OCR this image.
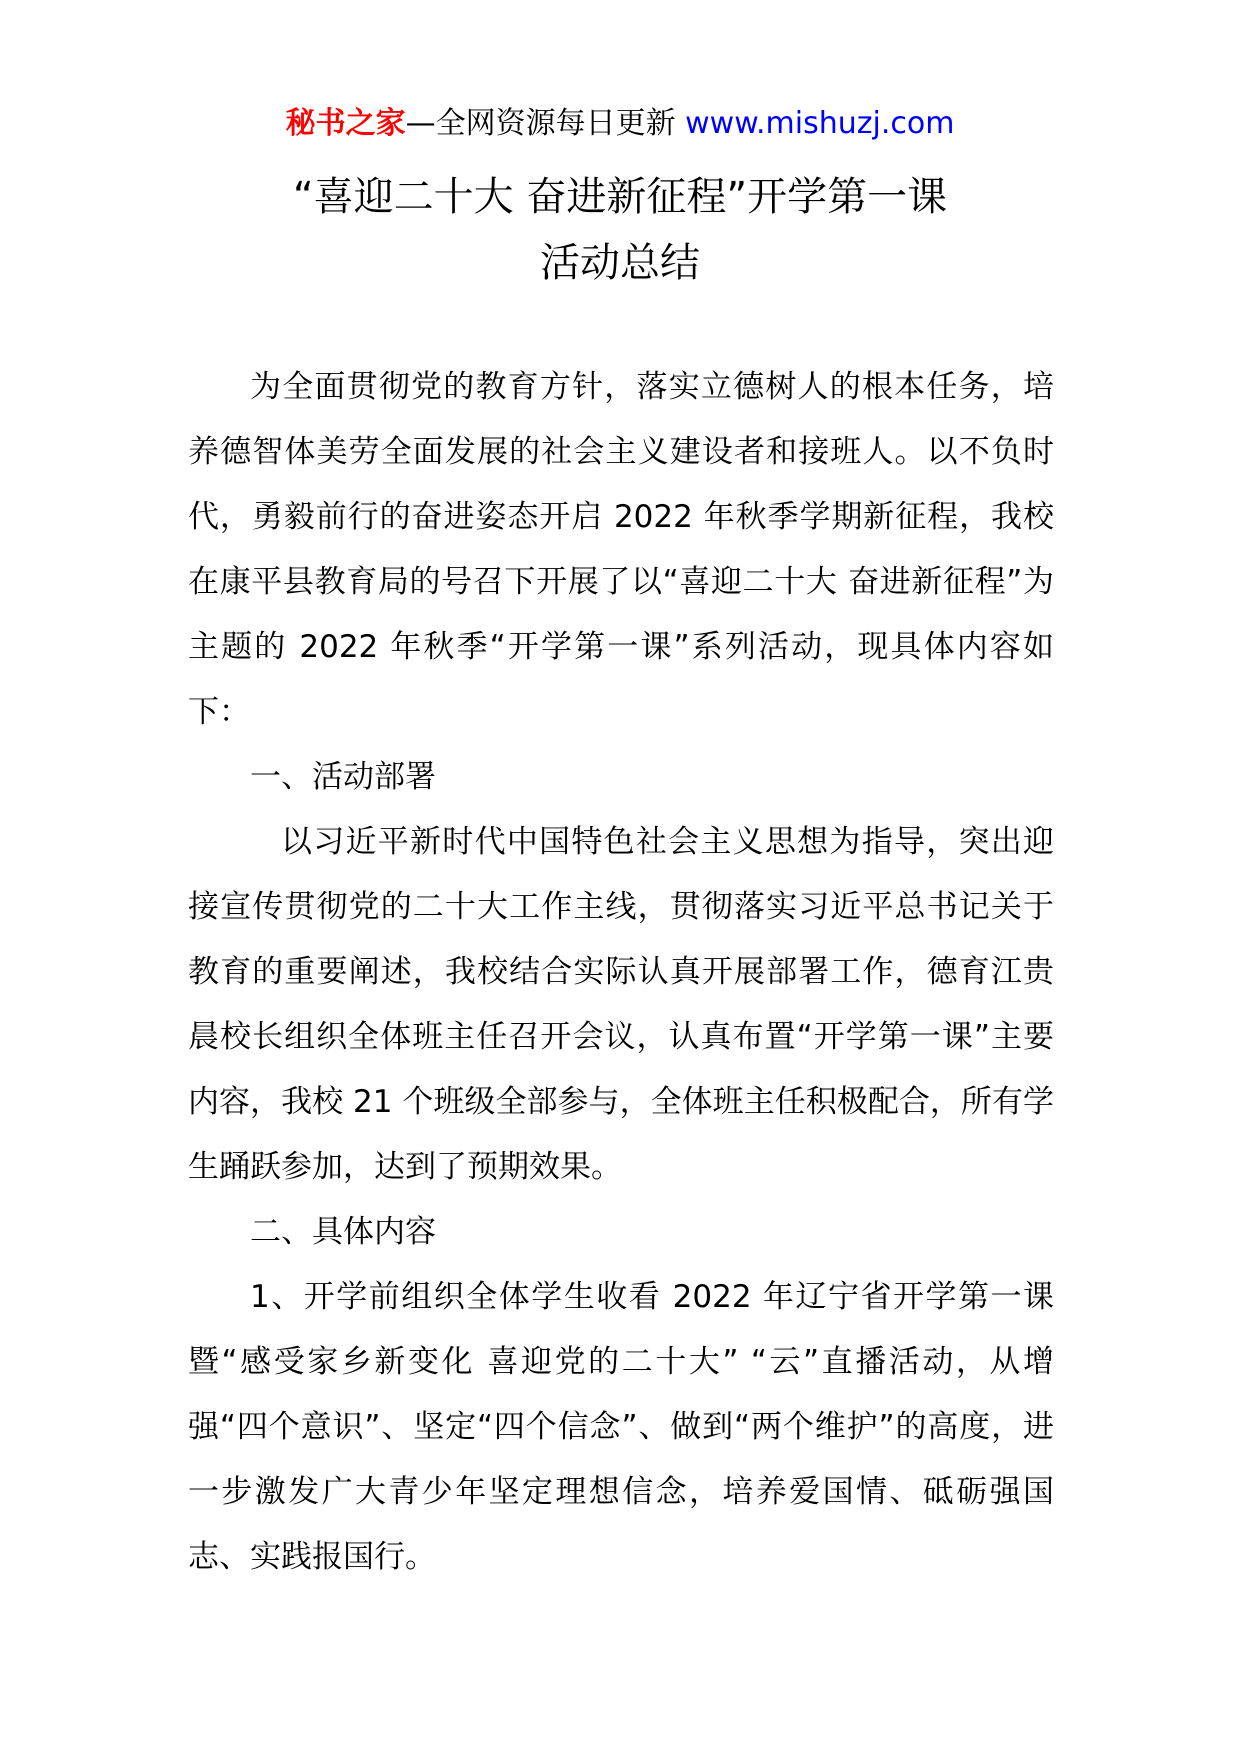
秘书之家—全网资源每日更新 www.mishuzj.com
“喜迎二十大 奋进新征程”开学第一课
活动总结

为全面贯彻党的教育方针，落实立德树人的根本任务，培养德智体美劳全面发展的社会主义建设者和接班人。以不负时代，勇毅前行的奋进姿态开启 2022 年秋季学期新征程，我校在康平县教育局的号召下开展了以“喜迎二十大 奋进新征程”为主题的 2022 年秋季“开学第一课”系列活动，现具体内容如下：

一、活动部署

以习近平新时代中国特色社会主义思想为指导，突出迎接宣传贯彻党的二十大工作主线，贯彻落实习近平总书记关于教育的重要阐述，我校结合实际认真开展部署工作，德育江贵晨校长组织全体班主任召开会议，认真布置“开学第一课”主要内容，我校 21 个班级全部参与，全体班主任积极配合，所有学生踊跃参加，达到了预期效果。

二、具体内容

1、开学前组织全体学生收看 2022 年辽宁省开学第一课暨“感受家乡新变化 喜迎党的二十大” “云”直播活动，从增强“四个意识”、坚定“四个信念”、做到“两个维护”的高度，进一步激发广大青少年坚定理想信念，培养爱国情、砥砺强国志、实践报国行。
